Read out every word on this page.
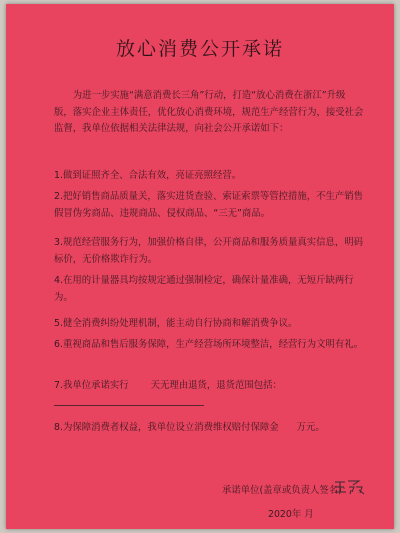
放心消费公开承诺
为进一步实施“满意消费长三角”行动，打造“放心消费在浙江”升级版，落实企业主体责任，优化放心消费环境，规范生产经营行为，接受社会监督，我单位依据相关法律法规，向社会公开承诺如下：
1.做到证照齐全、合法有效，亮证亮照经营。
2.把好销售商品质量关，落实进货查验、索证索票等管控措施，不生产销售假冒伪劣商品、违规商品、侵权商品、“三无”商品。
3.规范经营服务行为，加强价格自律，公开商品和服务质量真实信息，明码标价，无价格欺诈行为。
4.在用的计量器具均按规定通过强制检定，确保计量准确，无短斤缺两行为。
5.健全消费纠纷处理机制，能主动自行协商和解消费争议。
6.重视商品和售后服务保障，生产经营场所环境整洁，经营行为文明有礼。
7.我单位承诺实行 天无理由退货，退货范围包括：
8.为保障消费者权益，我单位设立消费维权赔付保障金 万元。
承诺单位(盖章或负责人签名)：
2020年 月
